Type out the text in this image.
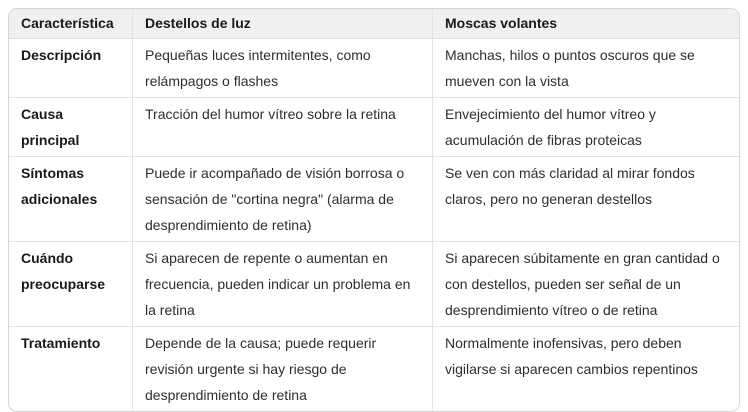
Característica	Destellos de luz	Moscas volantes
Descripción	Pequeñas luces intermitentes, como relámpagos o flashes	Manchas, hilos o puntos oscuros que se mueven con la vista
Causa principal	Tracción del humor vítreo sobre la retina	Envejecimiento del humor vítreo y acumulación de fibras proteicas
Síntomas adicionales	Puede ir acompañado de visión borrosa o sensación de "cortina negra" (alarma de desprendimiento de retina)	Se ven con más claridad al mirar fondos claros, pero no generan destellos
Cuándo preocuparse	Si aparecen de repente o aumentan en frecuencia, pueden indicar un problema en la retina	Si aparecen súbitamente en gran cantidad o con destellos, pueden ser señal de un desprendimiento vítreo o de retina
Tratamiento	Depende de la causa; puede requerir revisión urgente si hay riesgo de desprendimiento de retina	Normalmente inofensivas, pero deben vigilarse si aparecen cambios repentinos
